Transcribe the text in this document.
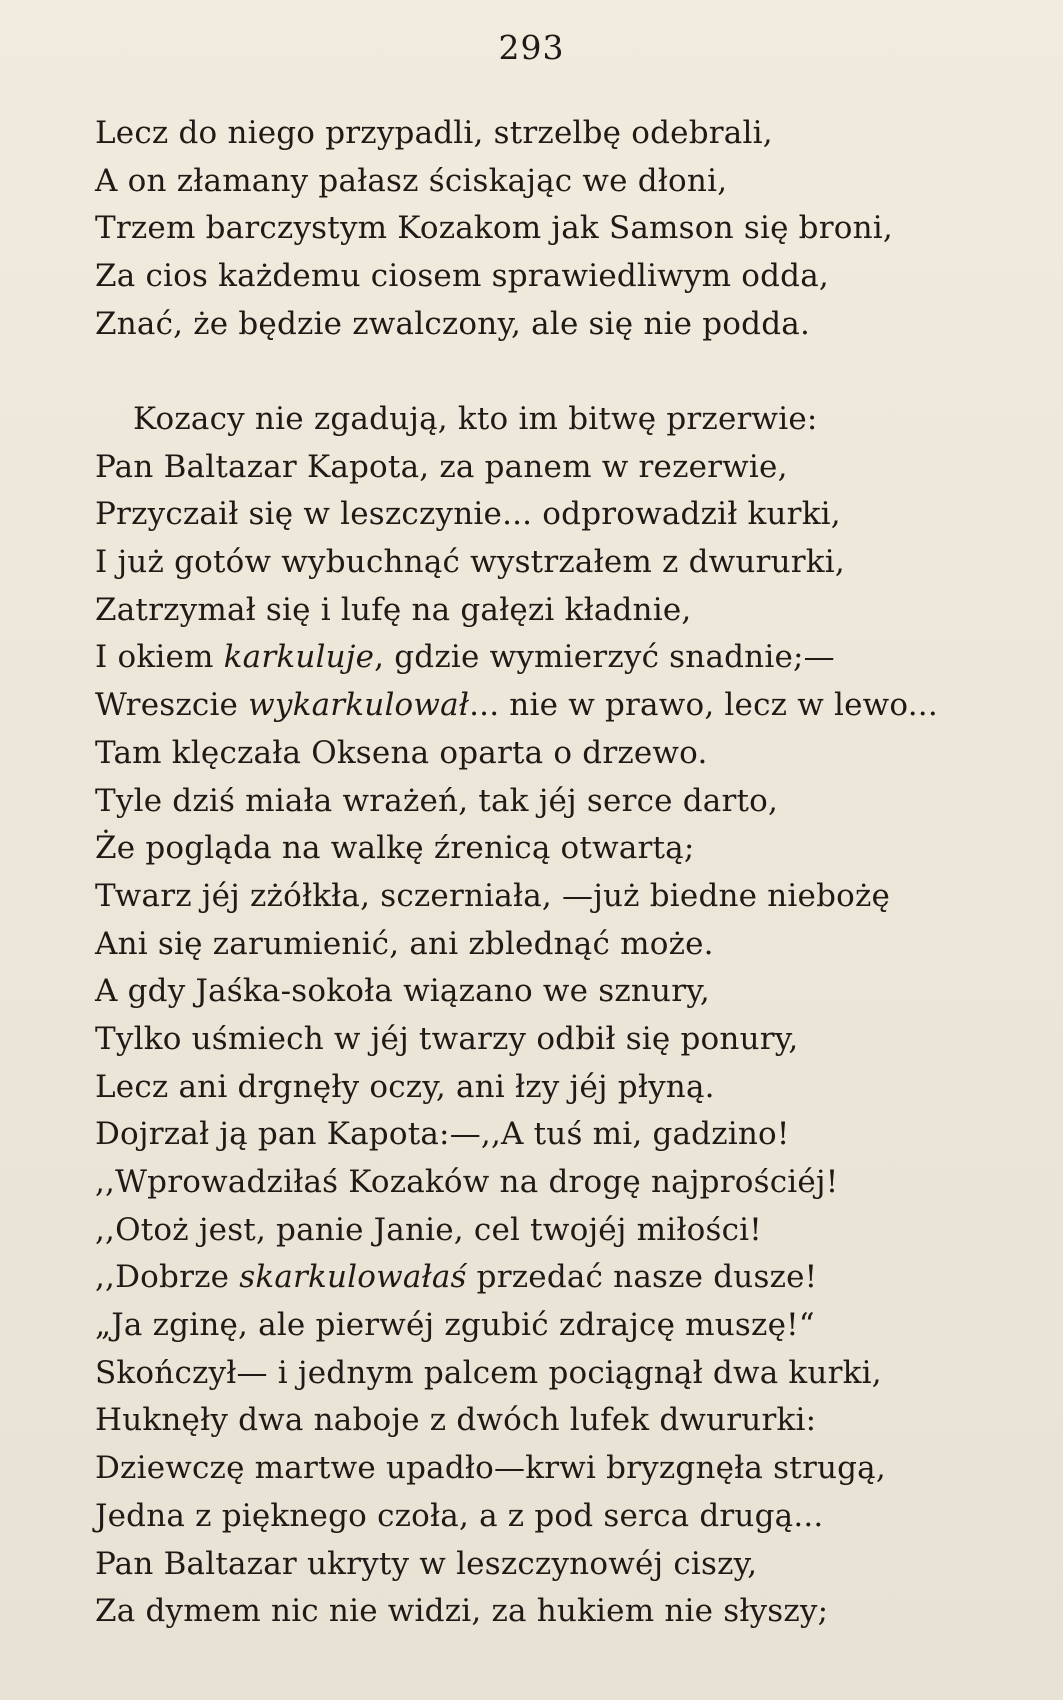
293
Lecz do niego przypadli, strzelbę odebrali,
A on złamany pałasz ściskając we dłoni,
Trzem barczystym Kozakom jak Samson się broni,
Za cios każdemu ciosem sprawiedliwym odda,
Znać, że będzie zwalczony, ale się nie podda.
Kozacy nie zgadują, kto im bitwę przerwie:
Pan Baltazar Kapota, za panem w rezerwie,
Przyczaił się w leszczynie... odprowadził kurki,
I już gotów wybuchnąć wystrzałem z dwururki,
Zatrzymał się i lufę na gałęzi kładnie,
I okiem karkuluje, gdzie wymierzyć snadnie;—
Wreszcie wykarkulował... nie w prawo, lecz w lewo...
Tam klęczała Oksena oparta o drzewo.
Tyle dziś miała wrażeń, tak jéj serce darto,
Że pogląda na walkę źrenicą otwartą;
Twarz jéj zżółkła, sczerniała, —już biedne niebożę
Ani się zarumienić, ani zblednąć może.
A gdy Jaśka-sokoła wiązano we sznury,
Tylko uśmiech w jéj twarzy odbił się ponury,
Lecz ani drgnęły oczy, ani łzy jéj płyną.
Dojrzał ją pan Kapota:—,,A tuś mi, gadzino!
,,Wprowadziłaś Kozaków na drogę najprościéj!
,,Otoż jest, panie Janie, cel twojéj miłości!
,,Dobrze skarkulowałaś przedać nasze dusze!
„Ja zginę, ale pierwéj zgubić zdrajcę muszę!“
Skończył— i jednym palcem pociągnął dwa kurki,
Huknęły dwa naboje z dwóch lufek dwururki:
Dziewczę martwe upadło—krwi bryzgnęła strugą,
Jedna z pięknego czoła, a z pod serca drugą...
Pan Baltazar ukryty w leszczynowéj ciszy,
Za dymem nic nie widzi, za hukiem nie słyszy;
